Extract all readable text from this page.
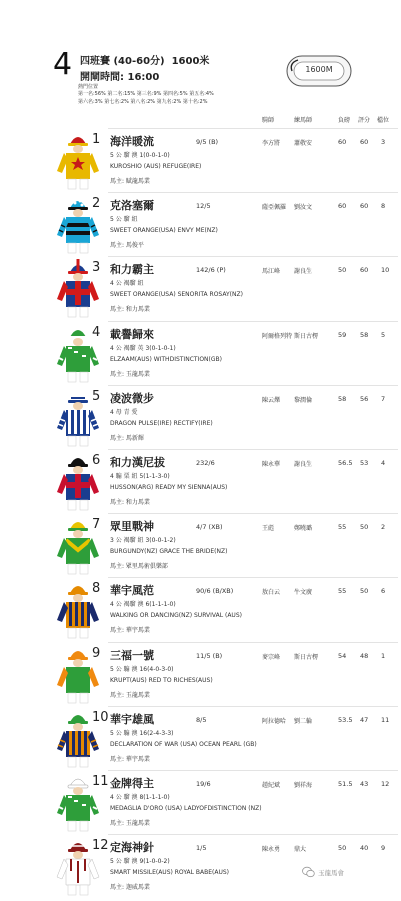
4 四班賽 (40-60分) 1600米
開閘時間: 16:00
熱門位置
第一名:56% 第二名:15% 第三名:9% 第四名:5% 第五名:4%
第六名:3% 第七名:2% 第八名:2% 第九名:2% 第十名:2%
1600M
騎師	練馬師	負磅 評分 檔位
1 海洋暖流	9/5 (B)	李方將 蕭敬安	60	60 3
5 公 騮 澳 1(0-0-1-0)
KUROSHIO (AUS) REFUGE(IRE)
馬主: 賦龍馬業
2 克洛塞爾	12/5	薩亞佩羅 劉汝文	60	60 8
5 公 騮 紐
SWEET ORANGE(USA) ENVY ME(NZ)
馬主: 馬俊平
3 和力霸主	142/6 (P)	馬江峰 謝良生	50	60 10
4 公 褐騮 紐
SWEET ORANGE(USA) SENORITA ROSAY(NZ)
馬主: 和力馬業
4 載譽歸來	阿爾格列特 斯日古楞	59	58 5
4 公 褐騮 英 3(0-1-0-1)
ELZAAM(AUS) WITHDISTINCTION(GB)
馬主: 玉龍馬業
5 凌波微步	陳云爍 黎潤倫	58	56 7
4 母 青 愛
DRAGON PULSE(IRE) RECTIFY(IRE)
馬主: 馬新輝
6 和力漢尼拔	232/6	陳永華 謝良生	56.5 53 4
4 騸 栗 紐 5(1-1-3-0)
HUSSON(ARG) READY MY SIENNA(AUS)
馬主: 和力馬業
7 眾里戰神	4/7 (XB)	王彪	鄭曉璐	55	50 2
3 公 褐騮 紐 3(0-0-1-2)
BURGUNDY(NZ) GRACE THE BRIDE(NZ)
馬主: 眾里馬術俱樂部
8 華宇風范	90/6 (B/XB)	敖白云 牛文廣	55	50 6
4 公 褐騮 澳 6(1-1-1-0)
WALKING OR DANCING(NZ) SURVIVAL (AUS)
馬主: 華宇馬業
9 三福一號	11/5 (B)	麥宗峰 斯日古楞	54	48 1
5 公 騸 澳 16(4-0-3-0)
KRUPT(AUS) RED TO RICHES(AUS)
馬主: 玉龍馬業
10 華宇雄風	8/5	阿拉德哈 劉二輪	53.5 47 11
5 公 騸 澳 16(2-4-3-3)
DECLARATION OF WAR (USA) OCEAN PEARL (GB)
馬主: 華宇馬業
11 金牌得主	19/6	趙紀斌 劉祥海	51.5 43 12
4 公 騮 澳 8(1-1-1-0)
MEDAGLIA D'ORO (USA) LADYOFDISTINCTION (NZ)
馬主: 玉龍馬業
12 定海神針	1/5	陳永勇 鼎大	50	40 9
5 公 騮 澳 9(1-0-0-2)
SMART MISSILE(AUS) ROYAL BABE(AUS)
馬主: 迦威馬業
玉龍馬會
